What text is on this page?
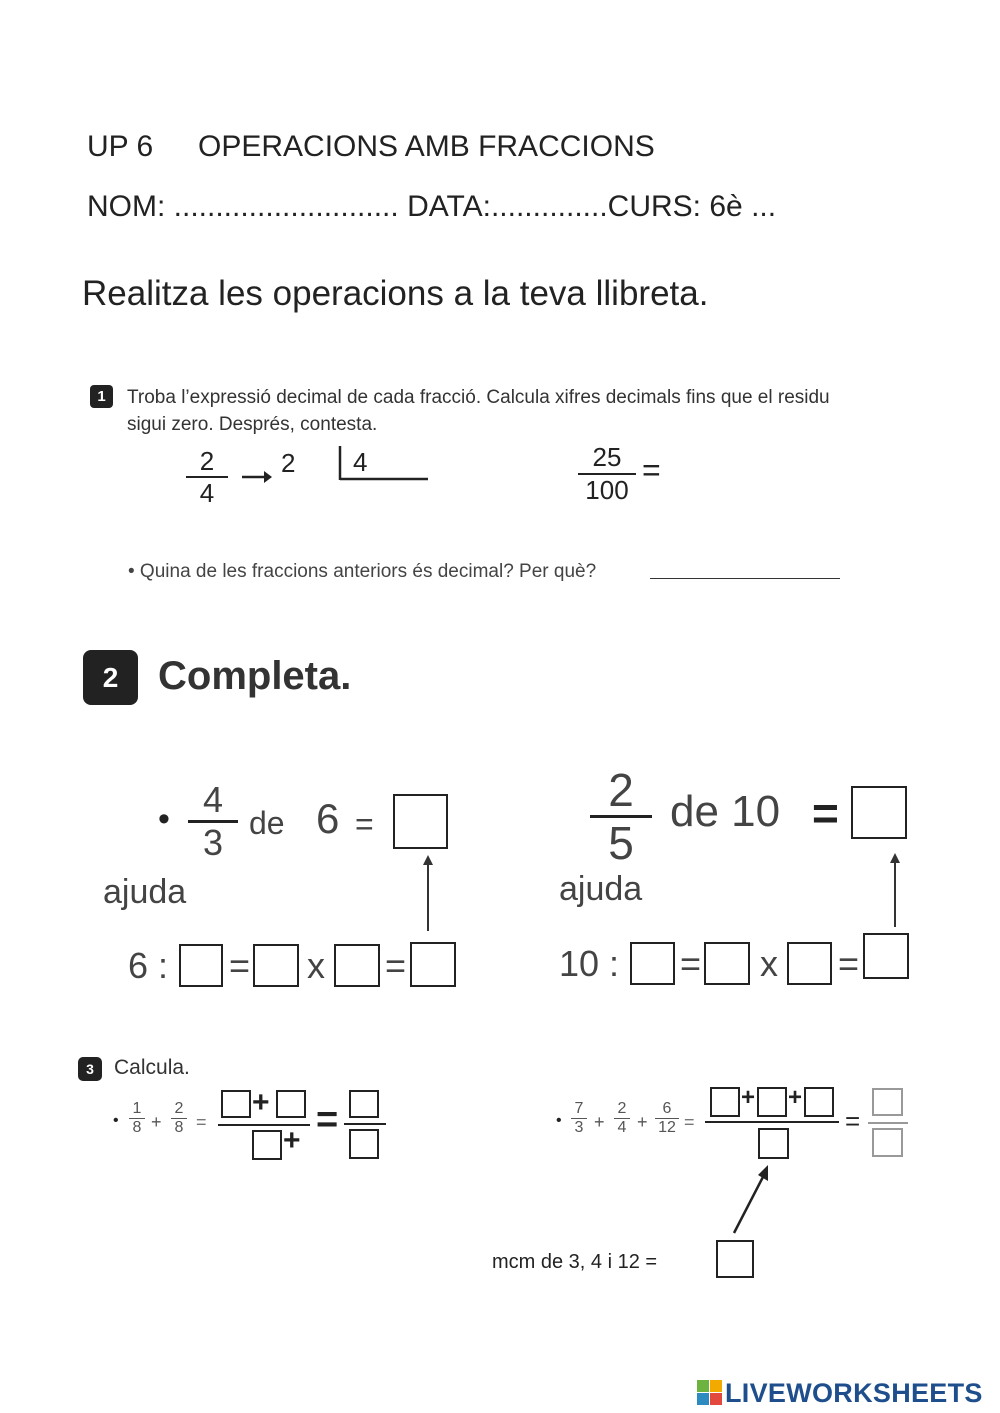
UP 6 OPERACIONS AMB FRACCIONS
NOM: ........................... DATA:..............CURS: 6è ...
Realitza les operacions a la teva llibreta.
1	Troba l’expressió decimal de cada fracció. Calcula xifres decimals fins que el residu
sigui zero. Després, contesta.
2
4
2 4	25
100
=
• Quina de les fraccions anteriors és decimal? Per què?
2 Completa.
• 4
3 de 6 =
ajuda
6 : = x =
2
5
de 10 =
ajuda
10 : = x =
3 Calcula.
•
1
8 +
2
8 =
+
+ =	•
7
3 +
2
4 +
6
12 =
+ +
=
mcm de 3, 4 i 12 =
LIVEWORKSHEETS
